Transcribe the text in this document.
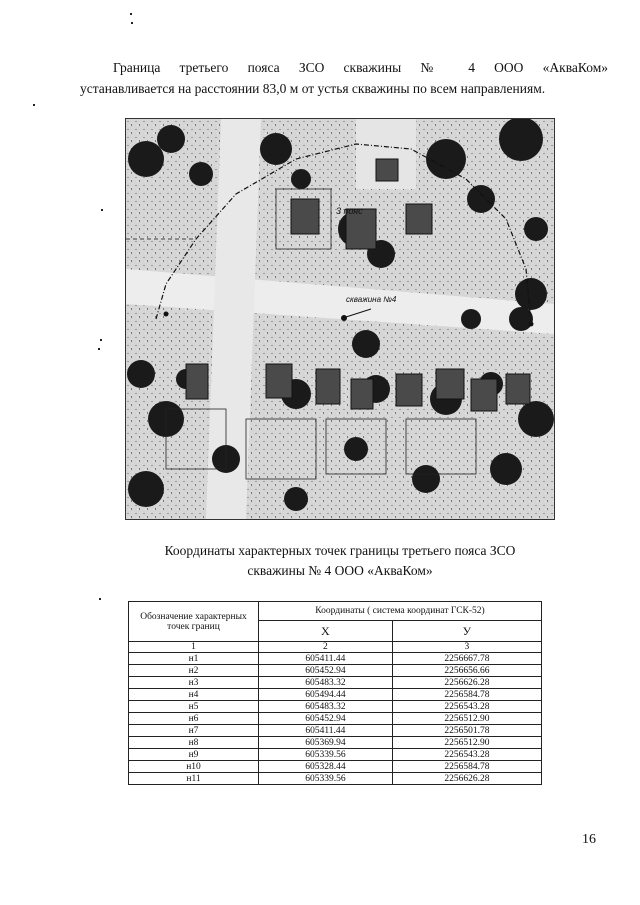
Граница третьего пояса ЗСО скважины № 4 ООО «АкваКом»
устанавливается на расстоянии 83,0 м от устья скважины по всем направлениям.
3 пояс
скважина №4
Координаты характерных точек границы третьего пояса ЗСО
скважины № 4 ООО «АкваКом»
Обозначение характерных точек границ	Координаты ( система координат ГСК-52)	
	X	У
1	2	3
н1	605411.44	2256667.78
н2	605452.94	2256656.66
н3	605483.32	2256626.28
н4	605494.44	2256584.78
н5	605483.32	2256543.28
н6	605452.94	2256512.90
н7	605411.44	2256501.78
н8	605369.94	2256512.90
н9	605339.56	2256543.28
н10	605328.44	2256584.78
н11	605339.56	2256626.28
16
